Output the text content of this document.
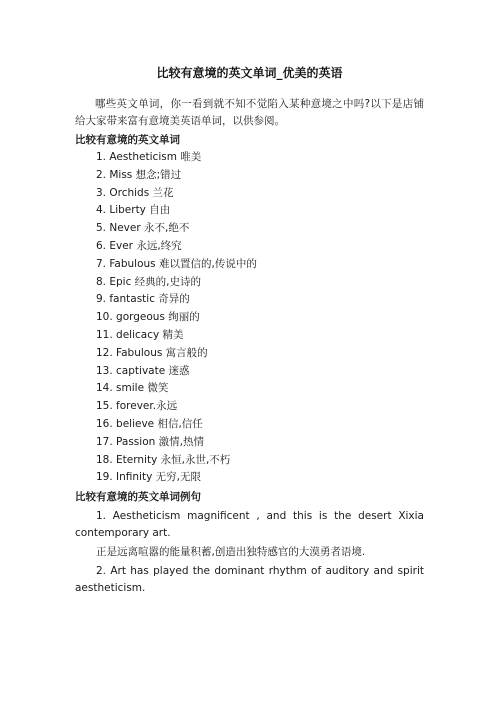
比较有意境的英文单词_优美的英语

哪些英文单词，你一看到就不知不觉陷入某种意境之中吗?以下是店铺给大家带来富有意境美英语单词，以供参阅。

比较有意境的英文单词
1. Aestheticism 唯美
2. Miss 想念;错过
3. Orchids 兰花
4. Liberty 自由
5. Never 永不,绝不
6. Ever 永远,终究
7. Fabulous 难以置信的,传说中的
8. Epic 经典的,史诗的
9. fantastic 奇异的
10. gorgeous 绚丽的
11. delicacy 精美
12. Fabulous 寓言般的
13. captivate 迷惑
14. smile 微笑
15. forever.永远
16. believe 相信,信任
17. Passion 激情,热情
18. Eternity 永恒,永世,不朽
19. Infinity 无穷,无限
比较有意境的英文单词例句

1. Aestheticism magnificent , and this is the desert Xixia contemporary art.

正是远离喧嚣的能量积蓄,创造出独特感官的大漠勇者语境.

2. Art has played the dominant rhythm of auditory and spirit aestheticism.
